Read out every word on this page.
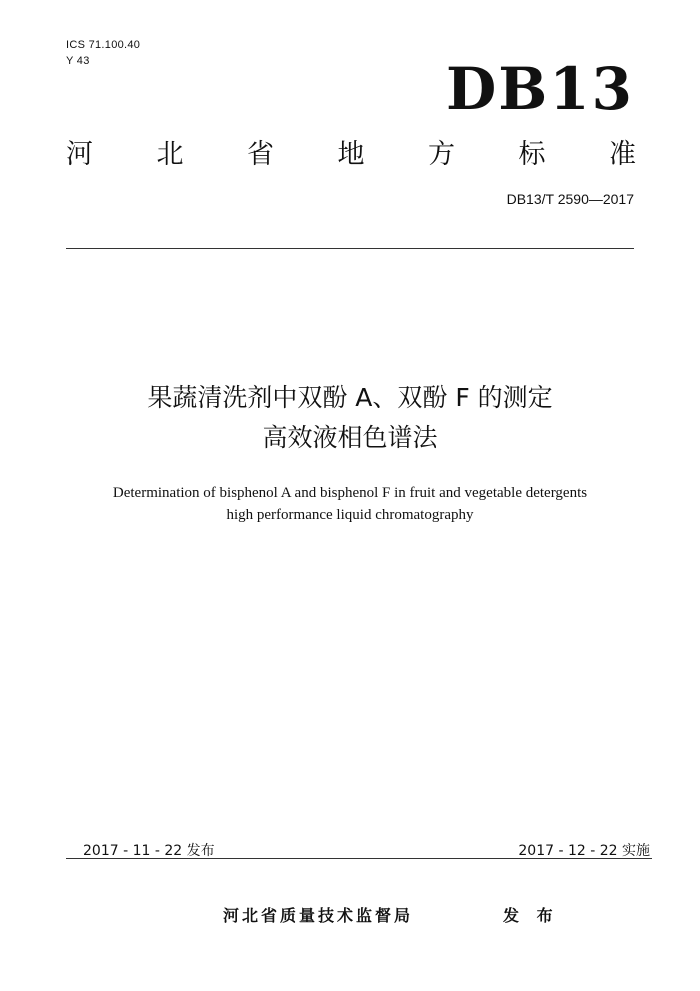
ICS 71.100.40
Y 43	DB13
河 北 省 地 方 标 准
DB13/T 2590—2017
果蔬清洗剂中双酚 A、双酚 F 的测定
高效液相色谱法
Determination of bisphenol A and bisphenol F in fruit and vegetable detergents
high performance liquid chromatography
2017 - 11 - 22 发布	2017 - 12 - 22 实施
河北省质量技术监督局	发 布
